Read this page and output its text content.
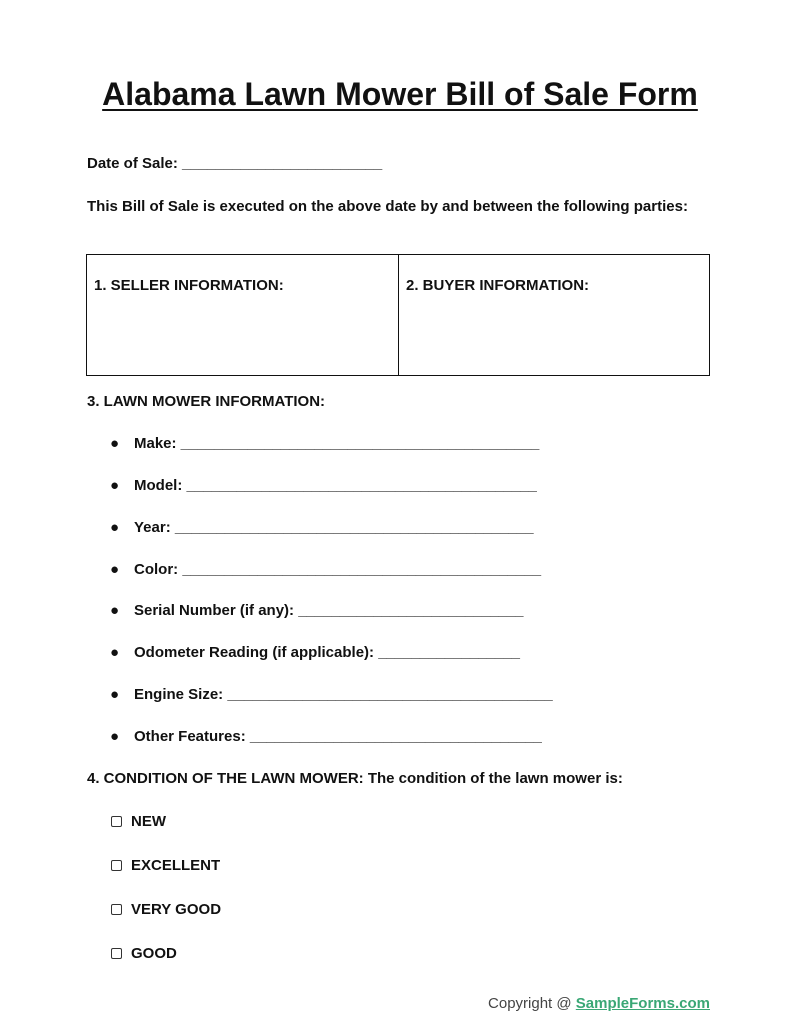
Alabama Lawn Mower Bill of Sale Form
Date of Sale: ________________________

This Bill of Sale is executed on the above date by and between the following parties:

1. SELLER INFORMATION:	2. BUYER INFORMATION:
3. LAWN MOWER INFORMATION:
● Make: ___________________________________________
● Model: __________________________________________
● Year: ___________________________________________
● Color: ___________________________________________
● Serial Number (if any): ___________________________
● Odometer Reading (if applicable): _________________
● Engine Size: _______________________________________
● Other Features: ___________________________________
4. CONDITION OF THE LAWN MOWER: The condition of the lawn mower is:
NEW
EXCELLENT
VERY GOOD
GOOD
Copyright @ SampleForms.com
